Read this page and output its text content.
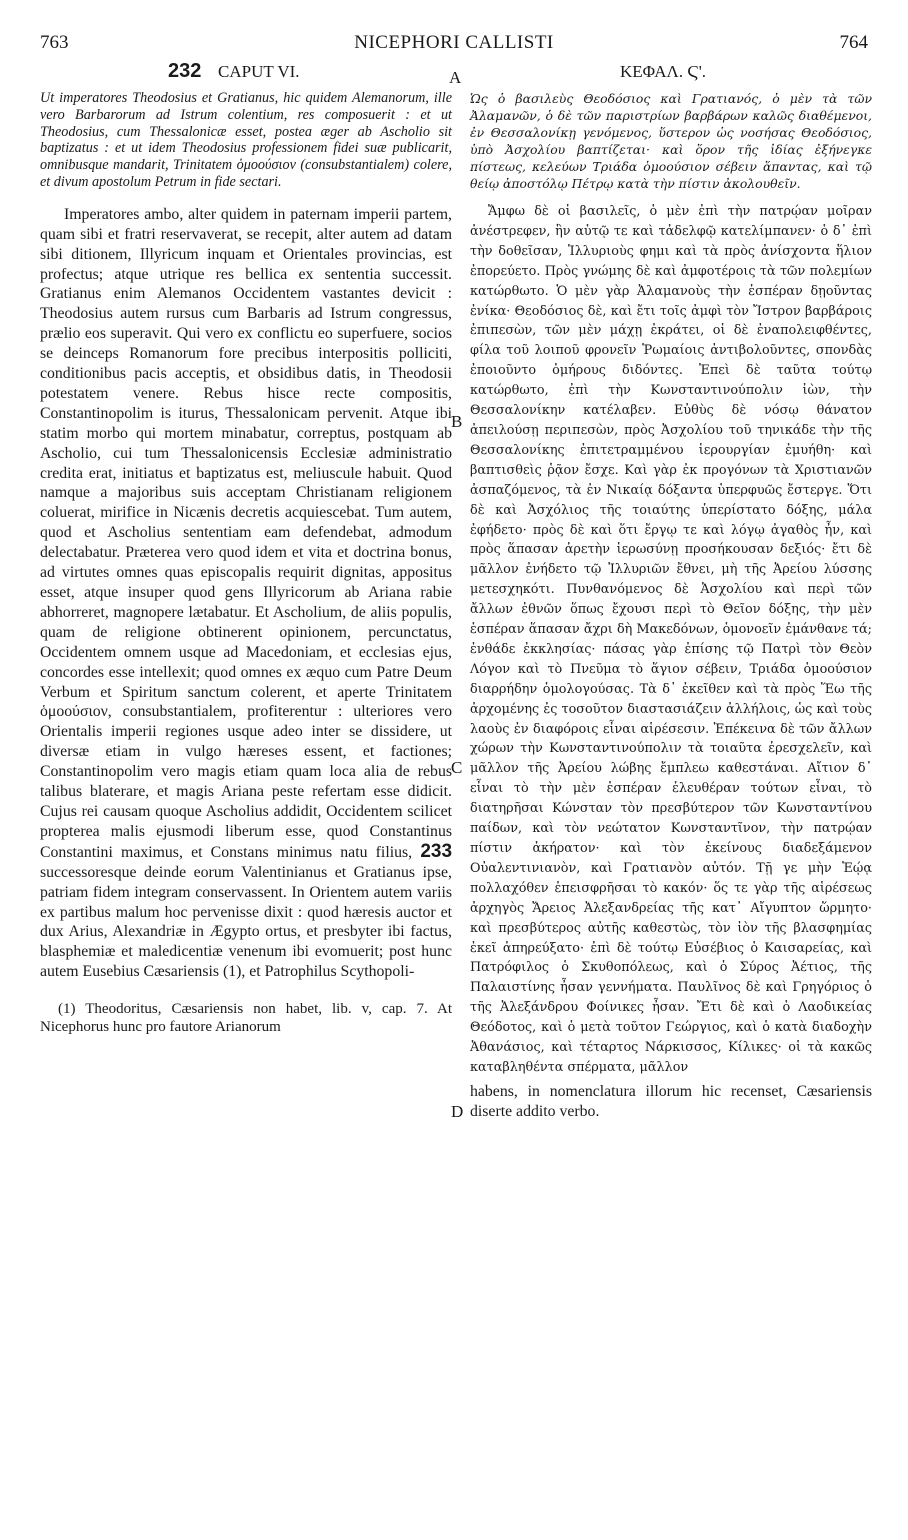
763	NICEPHORI CALLISTI	764
232 CAPUT VI.

Ut imperatores Theodosius et Gratianus, hic quidem Alemanorum, ille vero Barbarorum ad Istrum colentium, res composuerit : et ut Theodosius, cum Thessalonicæ esset, postea æger ab Ascholio sit baptizatus : et ut idem Theodosius professionem fidei suæ publicarit, omnibusque mandarit, Trinitatem ὁμοούσιον (consubstantialem) colere, et divum apostolum Petrum in fide sectari.

Imperatores ambo, alter quidem in paternam imperii partem, quam sibi et fratri reservaverat, se recepit, alter autem ad datam sibi ditionem, Illyricum inquam et Orientales provincias, est profectus; atque utrique res bellica ex sententia successit. Gratianus enim Alemanos Occidentem vastantes devicit : Theodosius autem rursus cum Barbaris ad Istrum congressus, prælio eos superavit. Qui vero ex conflictu eo superfuere, socios se deinceps Romanorum fore precibus interpositis polliciti, conditionibus pacis acceptis, et obsidibus datis, in Theodosii potestatem venere. Rebus hisce recte compositis, Constantinopolim is iturus, Thessalonicam pervenit. Atque ibi statim morbo qui mortem minabatur, correptus, postquam ab Ascholio, cui tum Thessalonicensis Ecclesiæ administratio credita erat, initiatus et baptizatus est, meliuscule habuit. Quod namque a majoribus suis acceptam Christianam religionem coluerat, mirifice in Nicænis decretis acquiescebat. Tum autem, quod et Ascholius sententiam eam defendebat, admodum delectabatur. Præterea vero quod idem et vita et doctrina bonus, ad virtutes omnes quas episcopalis requirit dignitas, appositus esset, atque insuper quod gens Illyricorum ab Ariana rabie abhorreret, magnopere lætabatur. Et Ascholium, de aliis populis, quam de religione obtinerent opinionem, percunctatus, Occidentem omnem usque ad Macedoniam, et ecclesias ejus, concordes esse intellexit; quod omnes ex æquo cum Patre Deum Verbum et Spiritum sanctum colerent, et aperte Trinitatem ὁμοούσιον, consubstantialem, profiterentur : ulteriores vero Orientalis imperii regiones usque adeo inter se dissidere, ut diversæ etiam in vulgo hæreses essent, et factiones; Constantinopolim vero magis etiam quam loca alia de rebus talibus blaterare, et magis Ariana peste refertam esse didicit. Cujus rei causam quoque Ascholius addidit, Occidentem scilicet propterea malis ejusmodi liberum esse, quod Constantinus Constantini maximus, et Constans minimus natu filius, 233 successoresque deinde eorum Valentinianus et Gratianus ipse, patriam fidem integram conservassent. In Orientem autem variis ex partibus malum hoc pervenisse dixit : quod hæresis auctor et dux Arius, Alexandriæ in Ægypto ortus, et presbyter ibi factus, blasphemiæ et maledicentiæ venenum ibi evomuerit; post hunc autem Eusebius Cæsariensis (1), et Patrophilus Scythopoli-

(1) Theodoritus, Cæsariensis non habet, lib. v, cap. 7. At Nicephorus hunc pro fautore Arianorum

ΚΕΦΑΛ. Ϛ'.

Ὡς ὁ βασιλεὺς Θεοδόσιος καὶ Γρατιανός, ὁ μὲν τὰ τῶν Ἀλαμανῶν, ὁ δὲ τῶν παριστρίων βαρβάρων καλῶς διαθέμενοι, ἐν Θεσσαλονίκῃ γενόμενος, ὕστερον ὡς νοσήσας Θεοδόσιος, ὑπὸ Ἀσχολίου βαπτίζεται· καὶ ὅρον τῆς ἰδίας ἐξήνεγκε πίστεως, κελεύων Τριάδα ὁμοούσιον σέβειν ἅπαντας, καὶ τῷ θείῳ ἀποστόλῳ Πέτρῳ κατὰ τὴν πίστιν ἀκολουθεῖν.

Ἄμφω δὲ οἱ βασιλεῖς, ὁ μὲν ἐπὶ τὴν πατρῴαν μοῖραν ἀνέστρεφεν, ἣν αὑτῷ τε καὶ τἀδελφῷ κατελίμπανεν· ὁ δ᾽ ἐπὶ τὴν δοθεῖσαν, Ἰλλυριοὺς φημι καὶ τὰ πρὸς ἀνίσχοντα ἥλιον ἐπορεύετο. Πρὸς γνώμης δὲ καὶ ἀμφοτέροις τὰ τῶν πολεμίων κατώρθωτο. Ὁ μὲν γὰρ Ἀλαμανοὺς τὴν ἑσπέραν δῃοῦντας ἐνίκα· Θεοδόσιος δὲ, καὶ ἔτι τοῖς ἀμφὶ τὸν Ἴστρον βαρβάροις ἐπιπεσὼν, τῶν μὲν μάχῃ ἐκράτει, οἱ δὲ ἐναπολειφθέντες, φίλα τοῦ λοιποῦ φρονεῖν Ῥωμαίοις ἀντιβολοῦντες, σπονδὰς ἐποιοῦντο ὁμήρους διδόντες. Ἐπεὶ δὲ ταῦτα τούτῳ κατώρθωτο, ἐπὶ τὴν Κωνσταντινούπολιν ἰὼν, τὴν Θεσσαλονίκην κατέλαβεν. Εὐθὺς δὲ νόσῳ θάνατον ἀπειλούσῃ περιπεσὼν, πρὸς Ἀσχολίου τοῦ τηνικάδε τὴν τῆς Θεσσαλονίκης ἐπιτετραμμένου ἱερουργίαν ἐμυήθη· καὶ βαπτισθεὶς ῥᾷον ἔσχε. Καὶ γὰρ ἐκ προγόνων τὰ Χριστιανῶν ἀσπαζόμενος, τὰ ἐν Νικαίᾳ δόξαντα ὑπερφυῶς ἔστεργε. Ὅτι δὲ καὶ Ἀσχόλιος τῆς τοιαύτης ὑπερίστατο δόξης, μάλα ἐφήδετο· πρὸς δὲ καὶ ὅτι ἔργῳ τε καὶ λόγῳ ἀγαθὸς ἦν, καὶ πρὸς ἅπασαν ἀρετὴν ἱερωσύνῃ προσήκουσαν δεξιός· ἔτι δὲ μᾶλλον ἐνήδετο τῷ Ἰλλυριῶν ἔθνει, μὴ τῆς Ἀρείου λύσσης μετεσχηκότι. Πυνθανόμενος δὲ Ἀσχολίου καὶ περὶ τῶν ἄλλων ἐθνῶν ὅπως ἔχουσι περὶ τὸ Θεῖον δόξης, τὴν μὲν ἑσπέραν ἅπασαν ἄχρι δὴ Μακεδόνων, ὁμονοεῖν ἐμάνθανε τά; ἐνθάδε ἐκκλησίας· πάσας γὰρ ἐπίσης τῷ Πατρὶ τὸν Θεὸν Λόγον καὶ τὸ Πνεῦμα τὸ ἅγιον σέβειν, Τριάδα ὁμοούσιον διαρρήδην ὁμολογούσας. Τὰ δ᾽ ἐκεῖθεν καὶ τὰ πρὸς Ἕω τῆς ἀρχομένης ἐς τοσοῦτον διαστασιάζειν ἀλλήλοις, ὡς καὶ τοὺς λαοὺς ἐν διαφόροις εἶναι αἱρέσεσιν. Ἐπέκεινα δὲ τῶν ἄλλων χώρων τὴν Κωνσταντινούπολιν τὰ τοιαῦτα ἐρεσχελεῖν, καὶ μᾶλλον τῆς Ἀρείου λώβης ἔμπλεω καθεστάναι. Αἴτιον δ᾽ εἶναι τὸ τὴν μὲν ἑσπέραν ἐλευθέραν τούτων εἶναι, τὸ διατηρῆσαι Κώνσταν τὸν πρεσβύτερον τῶν Κωνσταντίνου παίδων, καὶ τὸν νεώτατον Κωνσταντῖνον, τὴν πατρῴαν πίστιν ἀκήρατον· καὶ τὸν ἐκείνους διαδεξάμενον Οὐαλεντινιανὸν, καὶ Γρατιανὸν αὐτόν. Τῇ γε μὴν Ἑῴᾳ πολλαχόθεν ἐπεισφρῆσαι τὸ κακόν· ὅς τε γὰρ τῆς αἱρέσεως ἀρχηγὸς Ἄρειος Ἀλεξανδρείας τῆς κατ᾽ Αἴγυπτον ὥρμητο· καὶ πρεσβύτερος αὐτῆς καθεστὼς, τὸν ἰὸν τῆς βλασφημίας ἐκεῖ ἀπηρεύξατο· ἐπὶ δὲ τούτῳ Εὐσέβιος ὁ Καισαρείας, καὶ Πατρόφιλος ὁ Σκυθοπόλεως, καὶ ὁ Σύρος Ἀέτιος, τῆς Παλαιστίνης ἦσαν γεννήματα. Παυλῖνος δὲ καὶ Γρηγόριος ὁ τῆς Ἀλεξάνδρου Φοίνικες ἦσαν. Ἔτι δὲ καὶ ὁ Λαοδικείας Θεόδοτος, καὶ ὁ μετὰ τοῦτον Γεώργιος, καὶ ὁ κατὰ διαδοχὴν Ἀθανάσιος, καὶ τέταρτος Νάρκισσος, Κίλικες· οἱ τὰ κακῶς καταβληθέντα σπέρματα, μᾶλλον

habens, in nomenclatura illorum hic recenset, Cæsariensis diserte addito verbo.

A
B
C
D
